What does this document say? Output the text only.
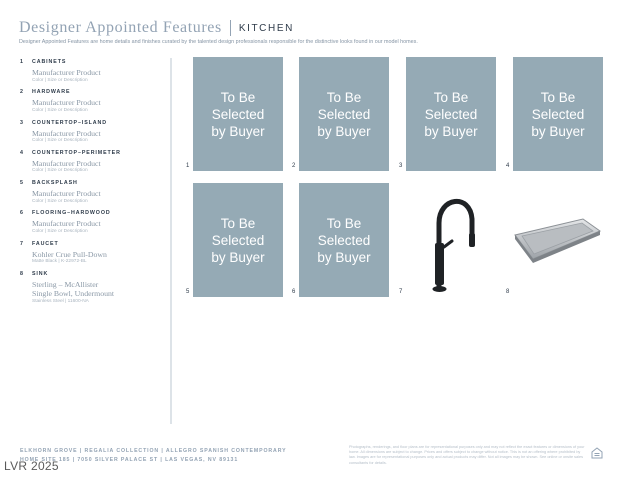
Designer Appointed Features KITCHEN
Designer Appointed Features are home details and finishes curated by the talented design professionals responsible for the distinctive looks found in our model homes.
1 CABINETS
Manufacturer Product
Color | Size or Description
2 HARDWARE
Manufacturer Product
Color | Size or Description
3 COUNTERTOP–ISLAND
Manufacturer Product
Color | Size or Description
4 COUNTERTOP–PERIMETER
Manufacturer Product
Color | Size or Description
5 BACKSPLASH
Manufacturer Product
Color | Size or Description
6 FLOORING–HARDWOOD
Manufacturer Product
Color | Size or Description
7 FAUCET
Kohler Crue Pull-Down
Matte Black | K-22972-BL
8 SINK
Sterling – McAllister
Single Bowl, Undermount
Stainless Steel | 11600-NA
To Be
Selected
by Buyer
1
To Be
Selected
by Buyer
2
To Be
Selected
by Buyer
3
To Be
Selected
by Buyer
4
To Be
Selected
by Buyer
5
To Be
Selected
by Buyer
6	7	8
ELKHORN GROVE | REGALIA COLLECTION | ALLEGRO SPANISH CONTEMPORARY
HOME SITE 185 | 7050 SILVER PALACE ST | LAS VEGAS, NV 89131
Photographs, renderings, and floor plans are for representational purposes only and may not reflect the exact features or dimensions of your home. All dimensions are subject to change. Prices and offers subject to change without notice. This is not an offering where prohibited by law. Images are for representational purposes only and actual products may differ. Not all images may be shown. See online or onsite sales consultants for details.
LVR 2025
